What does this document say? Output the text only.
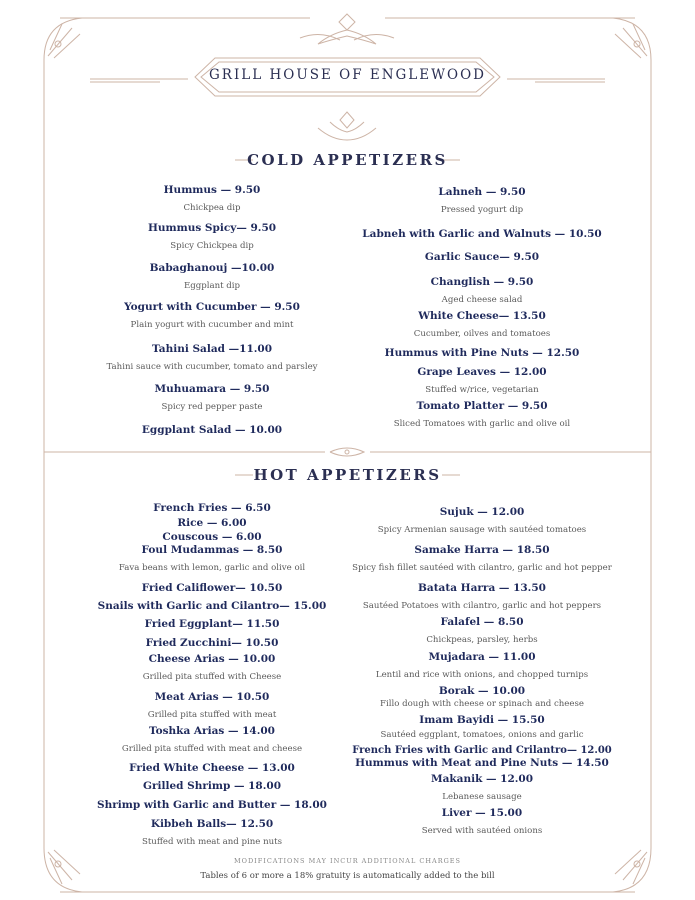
GRILL HOUSE OF ENGLEWOOD
COLD APPETIZERS
HOT APPETIZERS
Hummus — 9.50
Chickpea dip
Hummus Spicy— 9.50
Spicy Chickpea dip
Babaghanouj —10.00
Eggplant dip
Yogurt with Cucumber — 9.50
Plain yogurt with cucumber and mint
Tahini Salad —11.00
Tahini sauce with cucumber, tomato and parsley
Muhuamara — 9.50
Spicy red pepper paste
Eggplant Salad — 10.00
Lahneh — 9.50
Pressed yogurt dip
Labneh with Garlic and Walnuts — 10.50
Garlic Sauce— 9.50
Changlish — 9.50
Aged cheese salad
White Cheese— 13.50
Cucumber, oilves and tomatoes
Hummus with Pine Nuts — 12.50
Grape Leaves — 12.00
Stuffed w/rice, vegetarian
Tomato Platter — 9.50
Sliced Tomatoes with garlic and olive oil
French Fries — 6.50
Rice — 6.00
Couscous — 6.00
Foul Mudammas — 8.50
Fava beans with lemon, garlic and olive oil
Fried Califlower— 10.50
Snails with Garlic and Cilantro— 15.00
Fried Eggplant— 11.50
Fried Zucchini— 10.50
Cheese Arias — 10.00
Grilled pita stuffed with Cheese
Meat Arias — 10.50
Grilled pita stuffed with meat
Toshka Arias — 14.00
Grilled pita stuffed with meat and cheese
Fried White Cheese — 13.00
Grilled Shrimp — 18.00
Shrimp with Garlic and Butter — 18.00
Kibbeh Balls— 12.50
Stuffed with meat and pine nuts
Sujuk — 12.00
Spicy Armenian sausage with sautéed tomatoes
Samake Harra — 18.50
Spicy fish fillet sautéed with cilantro, garlic and hot pepper
Batata Harra — 13.50
Sautéed Potatoes with cilantro, garlic and hot peppers
Falafel — 8.50
Chickpeas, parsley, herbs
Mujadara — 11.00
Lentil and rice with onions, and chopped turnips
Borak — 10.00
Fillo dough with cheese or spinach and cheese
Imam Bayidi — 15.50
Sautéed eggplant, tomatoes, onions and garlic
French Fries with Garlic and Crilantro— 12.00
Hummus with Meat and Pine Nuts — 14.50
Makanik — 12.00
Lebanese sausage
Liver — 15.00
Served with sautéed onions
MODIFICATIONS MAY INCUR ADDITIONAL CHARGES
Tables of 6 or more a 18% gratuity is automatically added to the bill
